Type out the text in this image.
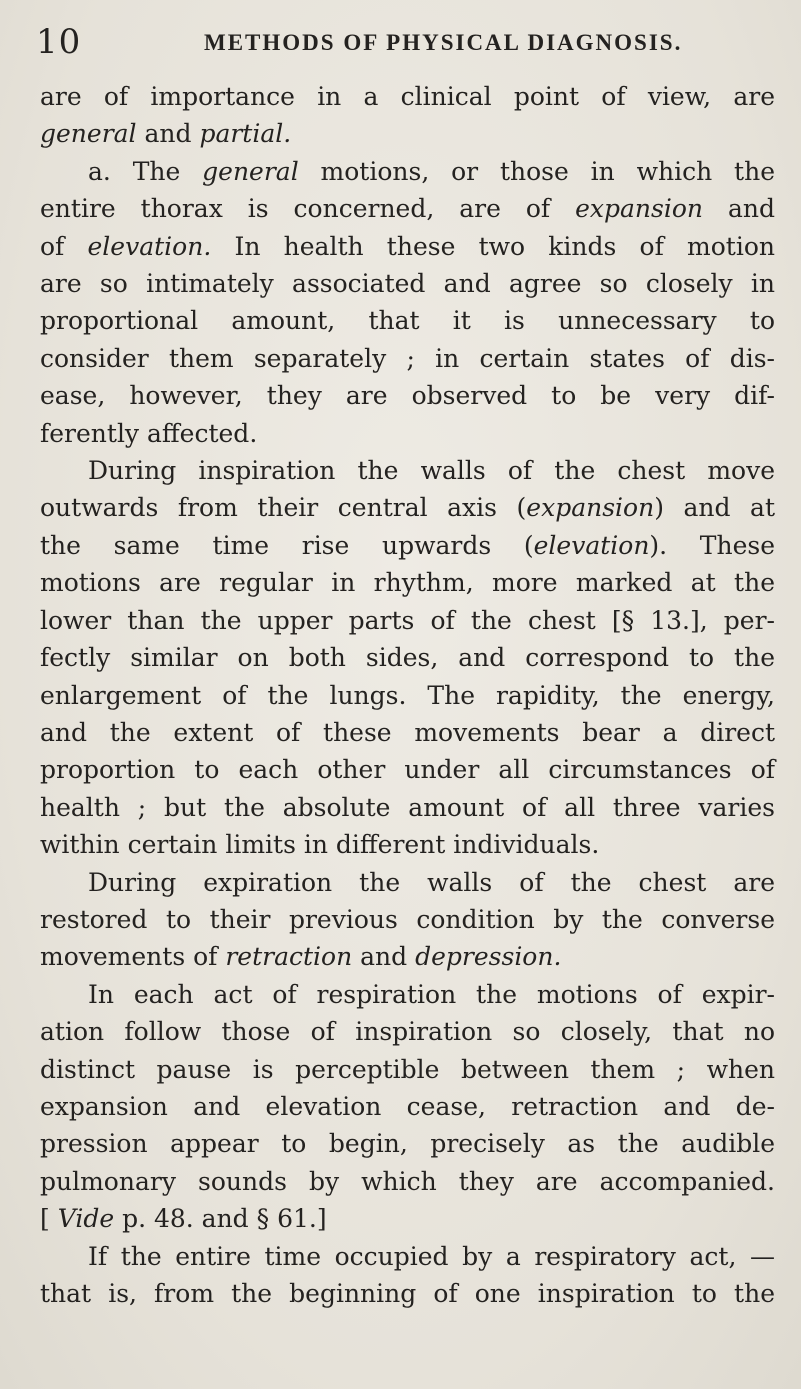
10	METHODS OF PHYSICAL DIAGNOSIS.

are of importance in a clinical point of view, are
general and partial.

a. The general motions, or those in which the
entire thorax is concerned, are of expansion and
of elevation. In health these two kinds of motion
are so intimately associated and agree so closely in
proportional amount, that it is unnecessary to
consider them separately ; in certain states of dis-
ease, however, they are observed to be very dif-
ferently affected.

During inspiration the walls of the chest move
outwards from their central axis (expansion) and at
the same time rise upwards (elevation). These
motions are regular in rhythm, more marked at the
lower than the upper parts of the chest [§ 13.], per-
fectly similar on both sides, and correspond to the
enlargement of the lungs. The rapidity, the energy,
and the extent of these movements bear a direct
proportion to each other under all circumstances of
health ; but the absolute amount of all three varies
within certain limits in different individuals.

During expiration the walls of the chest are
restored to their previous condition by the converse
movements of retraction and depression.

In each act of respiration the motions of expir-
ation follow those of inspiration so closely, that no
distinct pause is perceptible between them ; when
expansion and elevation cease, retraction and de-
pression appear to begin, precisely as the audible
pulmonary sounds by which they are accompanied.
[ Vide p. 48. and § 61.]

If the entire time occupied by a respiratory act, —
that is, from the beginning of one inspiration to the
